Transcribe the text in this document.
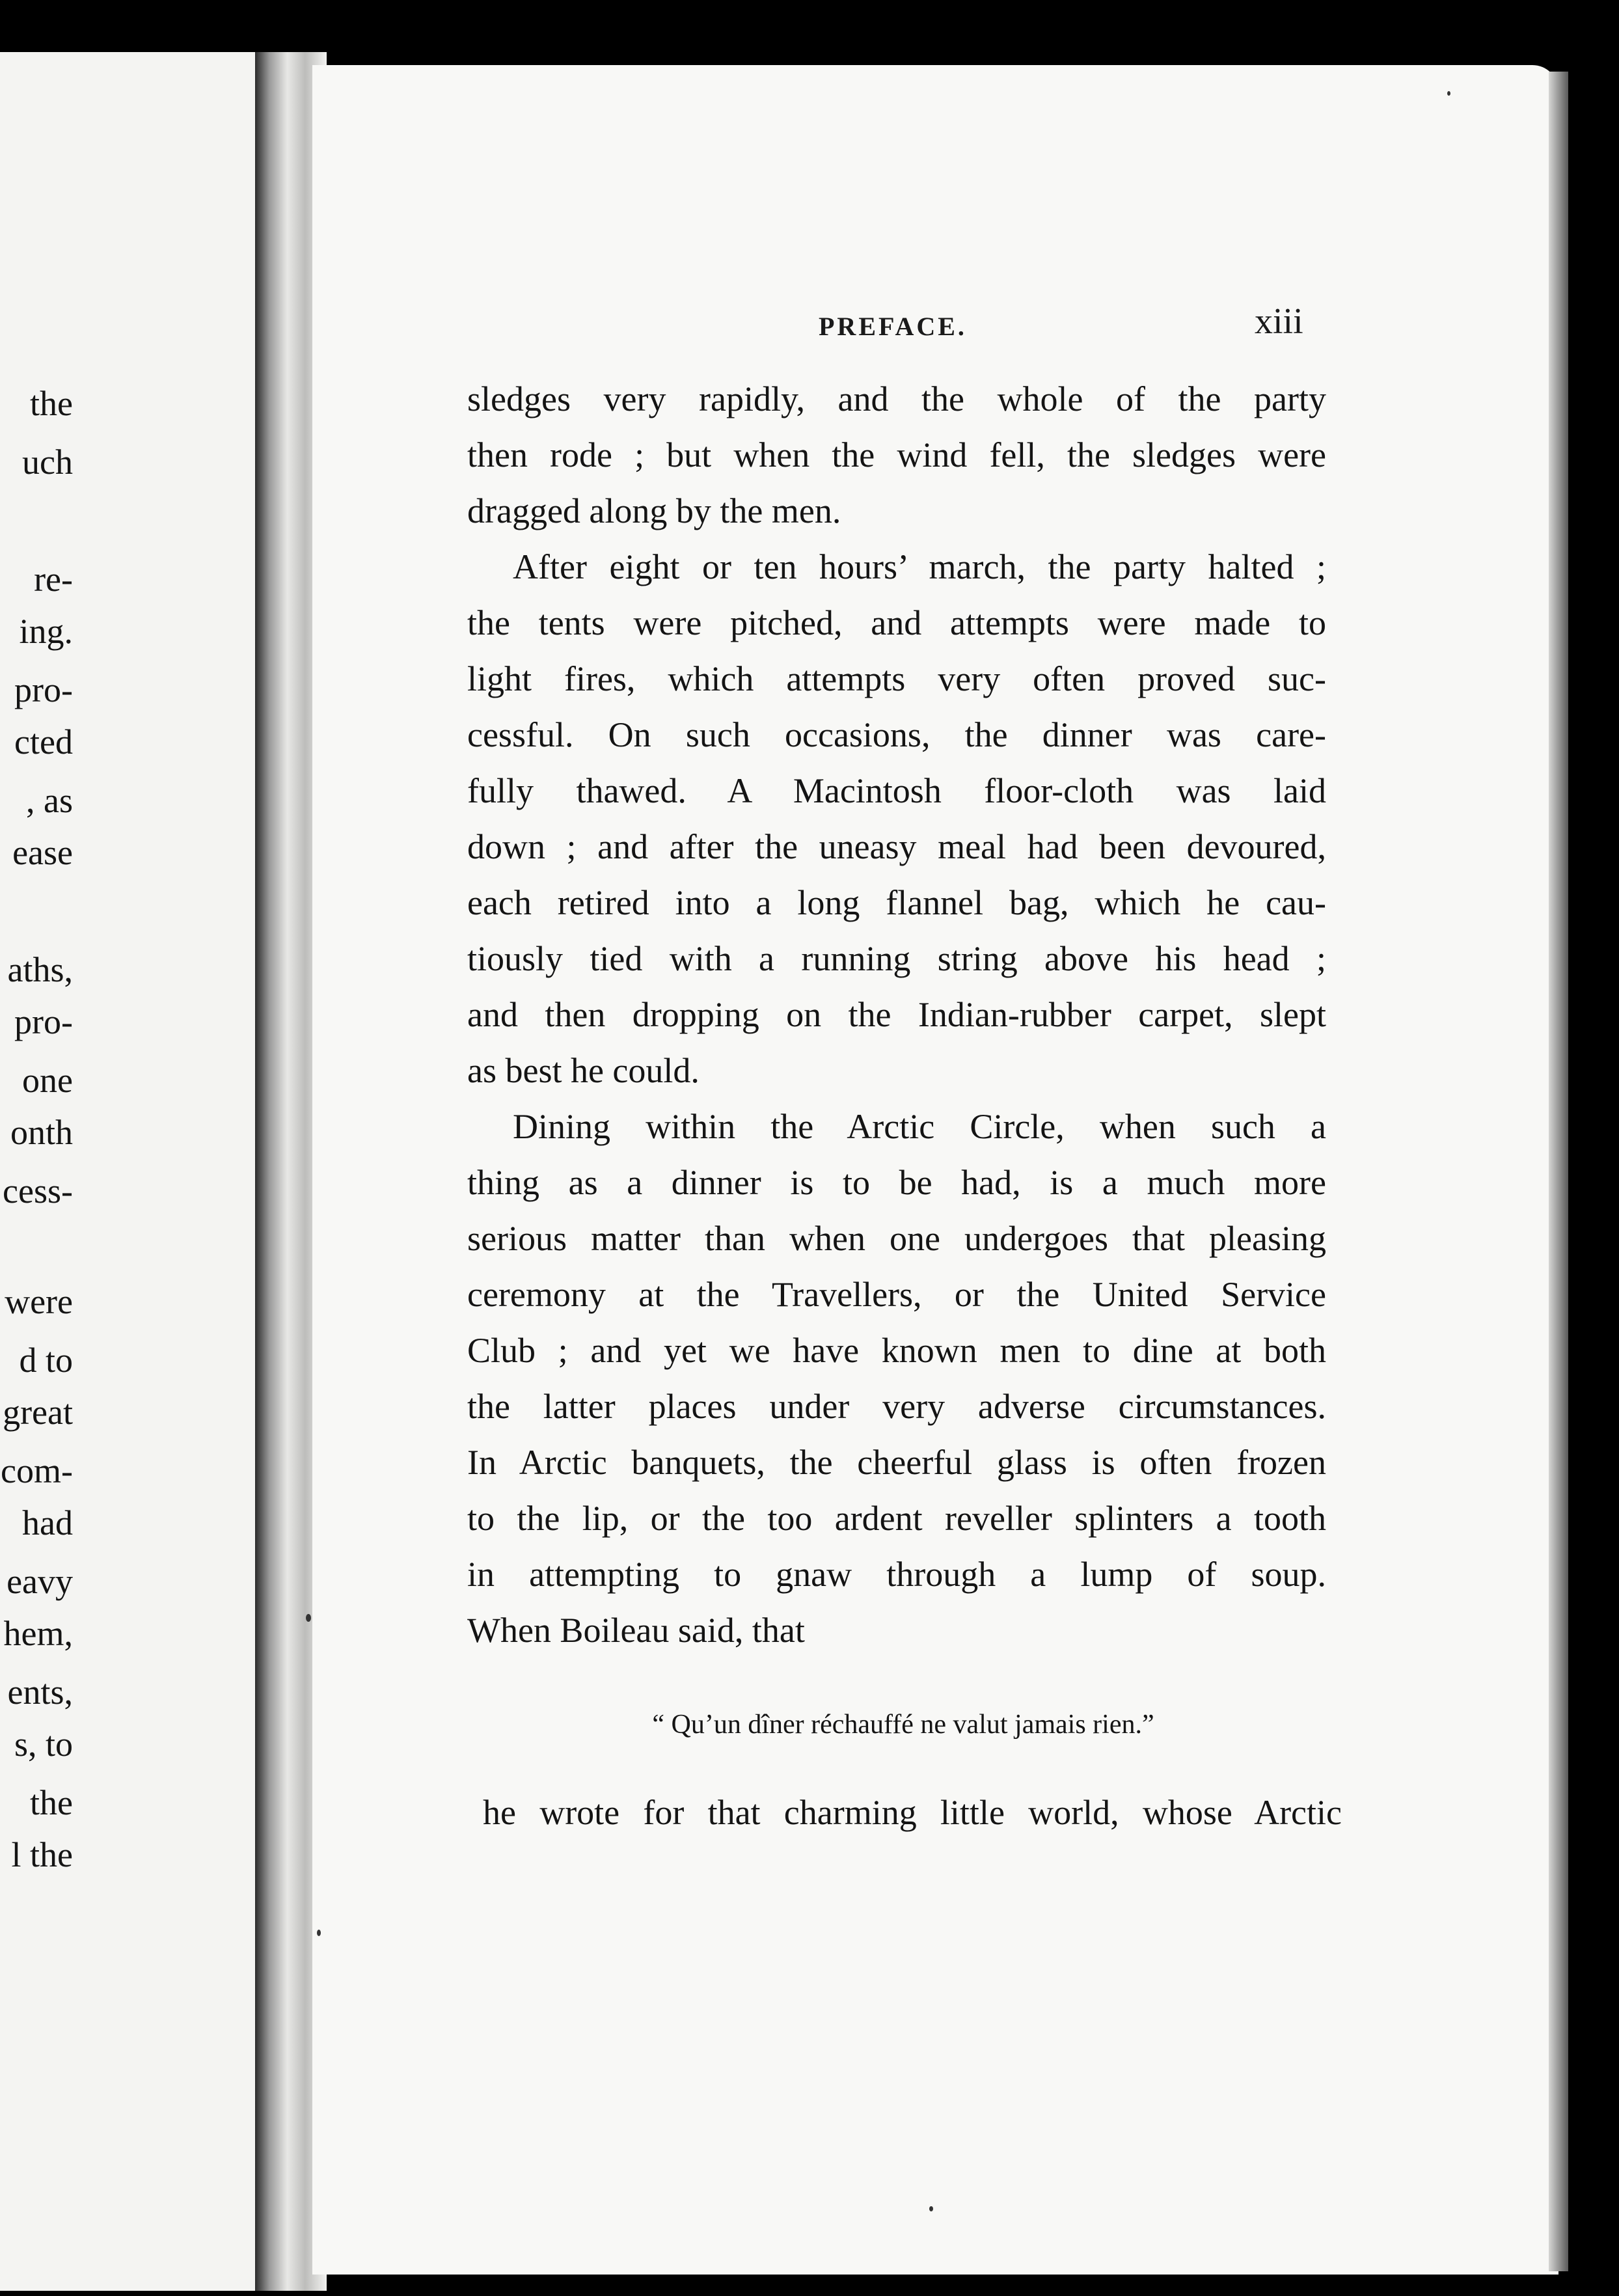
the
uch
re-
ing.
pro-
cted
, as
ease
aths,
pro-
one
onth
cess-
were
d to
great
com-
had
eavy
hem,
ents,
s, to
the
l the
PREFACE.	xiii
sledges very rapidly, and the whole of the party
then rode ; but when the wind fell, the sledges were
dragged along by the men.
After eight or ten hours’ march, the party halted ;
the tents were pitched, and attempts were made to
light fires, which attempts very often proved suc-
cessful. On such occasions, the dinner was care-
fully thawed. A Macintosh floor-cloth was laid
down ; and after the uneasy meal had been devoured,
each retired into a long flannel bag, which he cau-
tiously tied with a running string above his head ;
and then dropping on the Indian-rubber carpet, slept
as best he could.
Dining within the Arctic Circle, when such a
thing as a dinner is to be had, is a much more
serious matter than when one undergoes that pleasing
ceremony at the Travellers, or the United Service
Club ; and yet we have known men to dine at both
the latter places under very adverse circumstances.
In Arctic banquets, the cheerful glass is often frozen
to the lip, or the too ardent reveller splinters a tooth
in attempting to gnaw through a lump of soup.
When Boileau said, that
“ Qu’un dîner réchauffé ne valut jamais rien.”
he wrote for that charming little world, whose Arctic
